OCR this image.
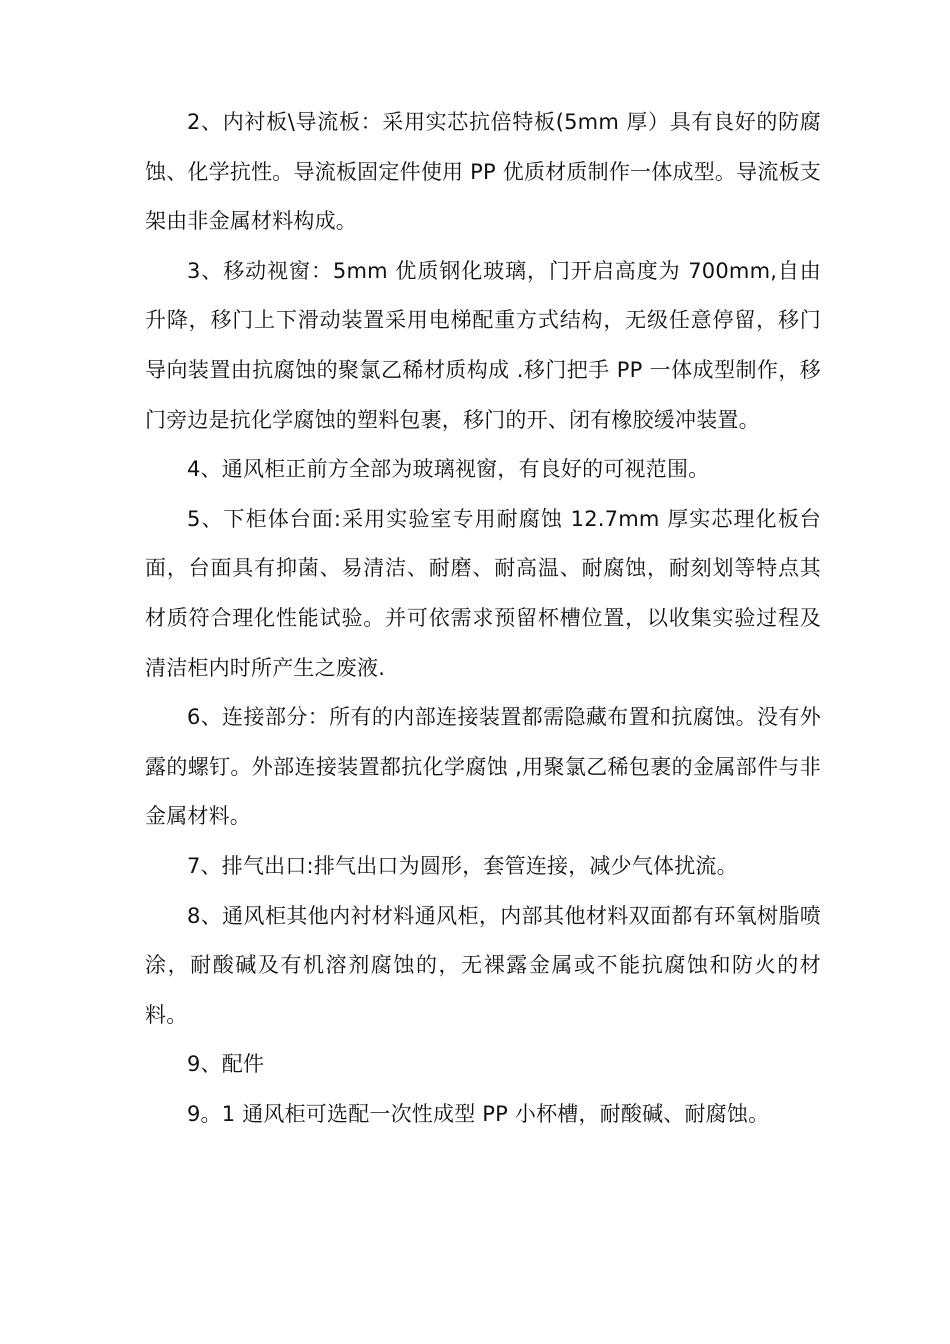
2、内衬板\导流板：采用实芯抗倍特板(5mm 厚）具有良好的防腐蚀、化学抗性。导流板固定件使用 PP 优质材质制作一体成型。导流板支架由非金属材料构成。

3、移动视窗：5mm 优质钢化玻璃，门开启高度为 700mm,自由升降，移门上下滑动装置采用电梯配重方式结构，无级任意停留，移门导向装置由抗腐蚀的聚氯乙稀材质构成 .移门把手 PP 一体成型制作，移门旁边是抗化学腐蚀的塑料包裹，移门的开、闭有橡胶缓冲装置。

4、通风柜正前方全部为玻璃视窗，有良好的可视范围。

5、下柜体台面:采用实验室专用耐腐蚀 12.7mm 厚实芯理化板台面，台面具有抑菌、易清洁、耐磨、耐高温、耐腐蚀，耐刻划等特点其材质符合理化性能试验。并可依需求预留杯槽位置，以收集实验过程及清洁柜内时所产生之废液.

6、连接部分：所有的内部连接装置都需隐藏布置和抗腐蚀。没有外露的螺钉。外部连接装置都抗化学腐蚀 ,用聚氯乙稀包裹的金属部件与非金属材料。

7、排气出口:排气出口为圆形，套管连接，减少气体扰流。

8、通风柜其他内衬材料通风柜，内部其他材料双面都有环氧树脂喷涂，耐酸碱及有机溶剂腐蚀的，无裸露金属或不能抗腐蚀和防火的材料。

9、配件

9。1 通风柜可选配一次性成型 PP 小杯槽，耐酸碱、耐腐蚀。
